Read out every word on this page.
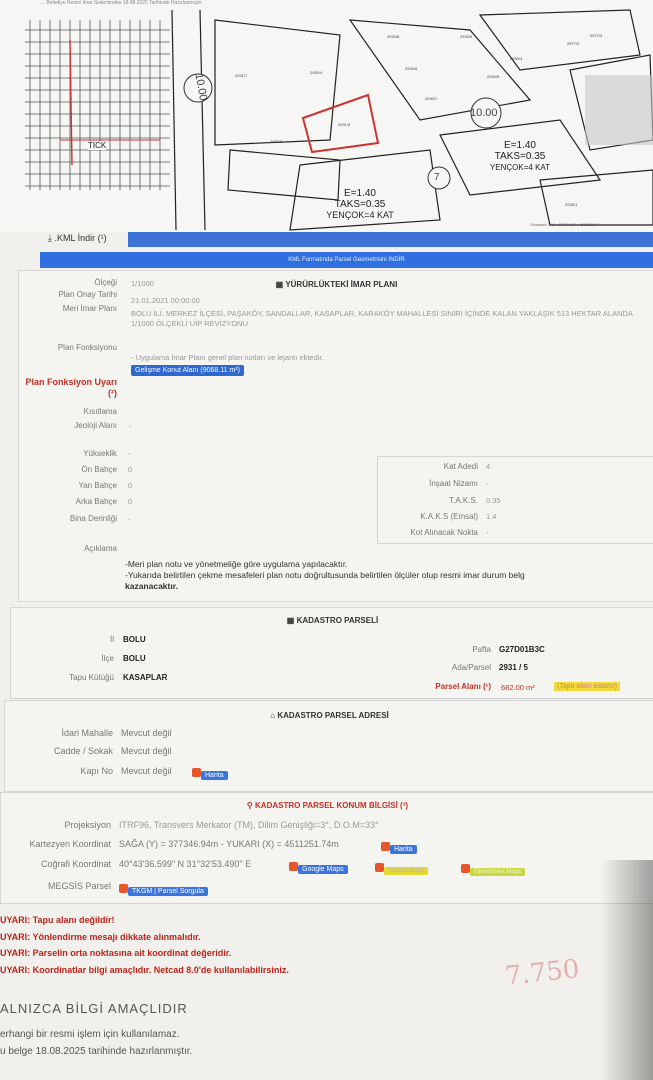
… Belediye Resmi İmar Sisteminden 18.08.2025 Tarihinde Hazırlanmıştır
10.00
10.00
7
E=1.40
TAKS=0.35
YENÇOK=4 KAT
E=1.40
TAKS=0.35
YENÇOK=4 KAT
TİCK
2931/7
2931/4
2931/5
2931/6
2930/8	2930/9
2930/6
2930/7
2930/5
2930/4
2977/2
2977/3
2935/1
Ortalama 7.16 · 37734.87 · 4511251.74
⤓ .KML İndir (¹)
KML Formatında Parsel Geometrisini İNDİR
▦ YÜRÜRLÜKTEKİ İMAR PLANI
Ölçeği 1/1000
Plan Onay Tarihi
21.01.2021 00:00:00
Meri İmar Planı
BOLU İLİ, MERKEZ İLÇESİ, PAŞAKÖY, SANDALLAR, KASAPLAR, KARAKÖY MAHALLESİ SINIRI İÇİNDE KALAN YAKLAŞIK 513 HEKTAR ALANDA 1/1000 ÖLÇEKLİ UİP REVİZYONU
Plan Fonksiyonu
- Uygulama İmar Planı genel plan notları ve lejantı ektedir.
Gelişme Konut Alanı (9068.11 m²)
Plan Fonksiyon Uyarı (²)
Kısıtlama
Jeoloji Alanı -
Yükseklik -
Ön Bahçe 0
Yan Bahçe 0
Arka Bahçe 0
Bina Derinliği -
Kat Adedi 4
İnşaat Nizamı -
T.A.K.S. 0.35
K.A.K.S (Emsal) 1.4
Kot Alınacak Nokta -
Açıklama
-Meri plan notu ve yönetmeliğe göre uygulama yapılacaktır.
-Yukarıda belirtilen çekme mesafeleri plan notu doğrultusunda belirtilen ölçüler olup resmi imar durum belg
kazanacaktır.
▦ KADASTRO PARSELİ
İl BOLU
İlçe BOLU
Tapu Kütüğü KASAPLAR
Pafta G27D01B3C
Ada/Parsel 2931 / 5
Parsel Alanı (¹) 682.00 m²	(Tapu alanı esastır)
⌂ KADASTRO PARSEL ADRESİ
İdari Mahalle Mevcut değil
Cadde / Sokak Mevcut değil
Kapı No Mevcut değil	Harita
⚲ KADASTRO PARSEL KONUM BİLGİSİ (³)
Projeksiyon ITRF96, Transvers Merkator (TM), Dilim Genişliği=3°, D.O.M=33°
Kartezyen Koordinat SAĞA (Y) = 377346.94m - YUKARI (X) = 4511251.74m
Harita
Coğrafi Koordinat 40°43'36.599" N 31°32'53.490" E
Google Maps	Yandex Maps	OpenStreet Maps
MEGSİS Parsel
TKGM | Parsel Sorgula
UYARI: Tapu alanı değildir!
UYARI: Yönlendirme mesajı dikkate alınmalıdır.
UYARI: Parselin orta noktasına ait koordinat değeridir.
UYARI: Koordinatlar bilgi amaçlıdır. Netcad 8.0'de kullanılabilirsiniz.	7.750
ALNIZCA BİLGİ AMAÇLIDIR
erhangi bir resmi işlem için kullanılamaz.
u belge 18.08.2025 tarihinde hazırlanmıştır.
